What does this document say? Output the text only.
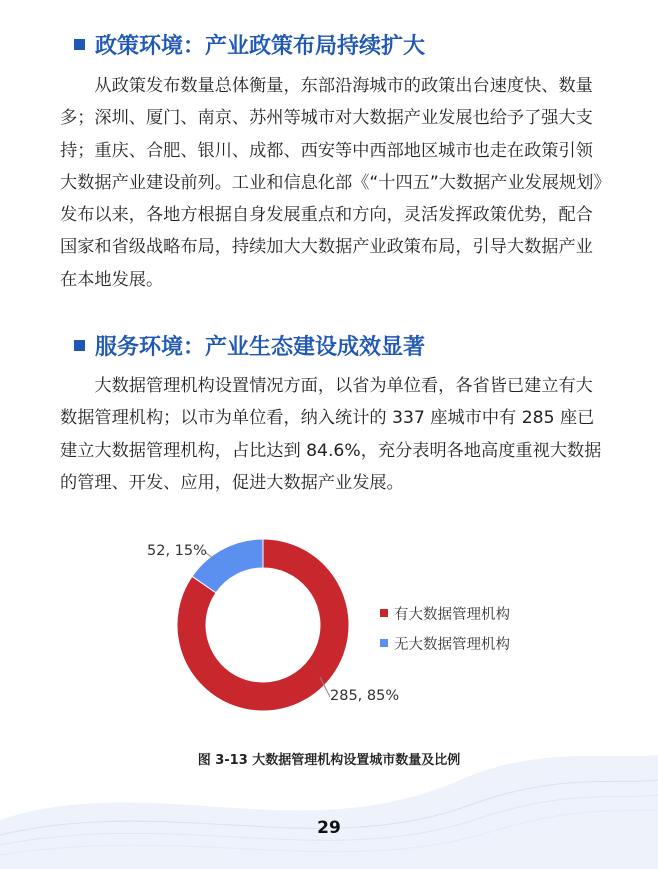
政策环境：产业政策布局持续扩大

从政策发布数量总体衡量，东部沿海城市的政策出台速度快、数量多；深圳、厦门、南京、苏州等城市对大数据产业发展也给予了强大支持；重庆、合肥、银川、成都、西安等中西部地区城市也走在政策引领大数据产业建设前列。工业和信息化部《“十四五”大数据产业发展规划》发布以来，各地方根据自身发展重点和方向，灵活发挥政策优势，配合国家和省级战略布局，持续加大大数据产业政策布局，引导大数据产业在本地发展。

服务环境：产业生态建设成效显著

大数据管理机构设置情况方面，以省为单位看，各省皆已建立有大数据管理机构；以市为单位看，纳入统计的 337 座城市中有 285 座已建立大数据管理机构，占比达到 84.6%，充分表明各地高度重视大数据的管理、开发、应用，促进大数据产业发展。

52, 15%
285, 85%
有大数据管理机构
无大数据管理机构
图 3-13 大数据管理机构设置城市数量及比例
29
